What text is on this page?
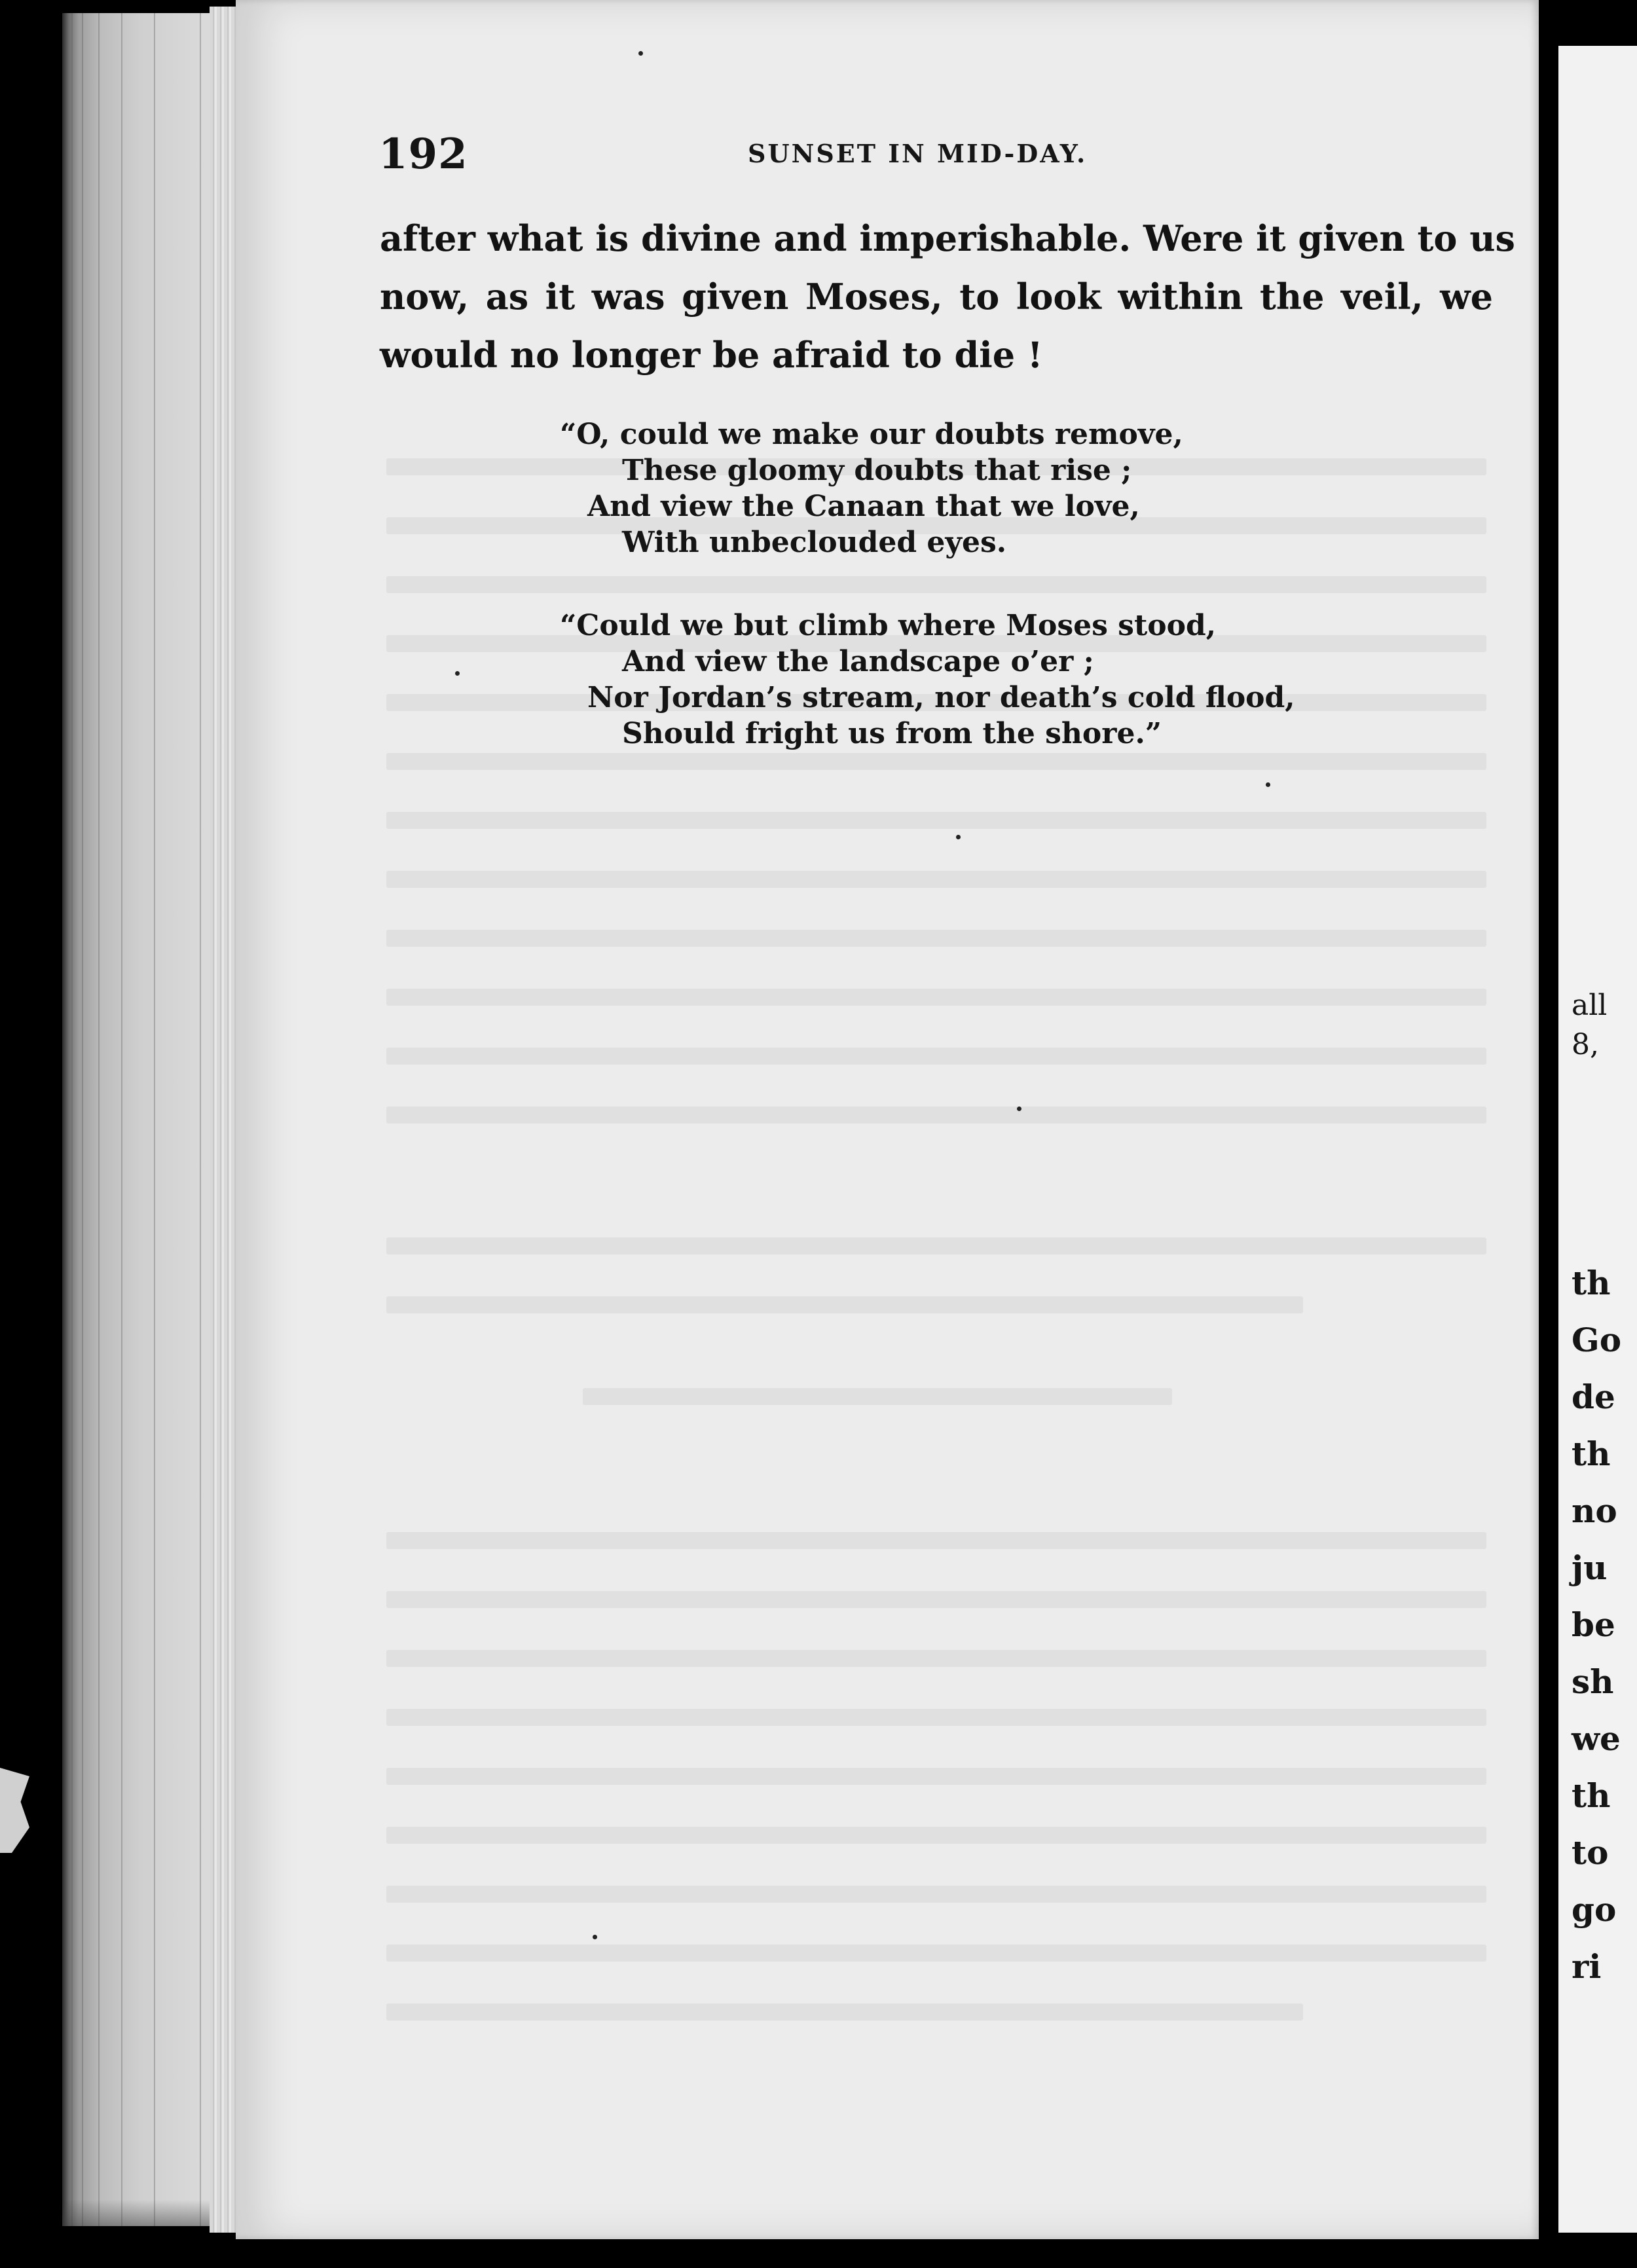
192	SUNSET IN MID-DAY.
after what is divine and imperishable. Were it given to us
now, as it was given Moses, to look within the veil, we
would no longer be afraid to die !
“O, could we make our doubts remove,
These gloomy doubts that rise ;
And view the Canaan that we love,
With unbeclouded eyes.
“Could we but climb where Moses stood,
And view the landscape o’er ;
Nor Jordan’s stream, nor death’s cold flood,
Should fright us from the shore.”
all
8,
th
Go
de
th
no
ju
be
sh
we
th
to
go
ri
